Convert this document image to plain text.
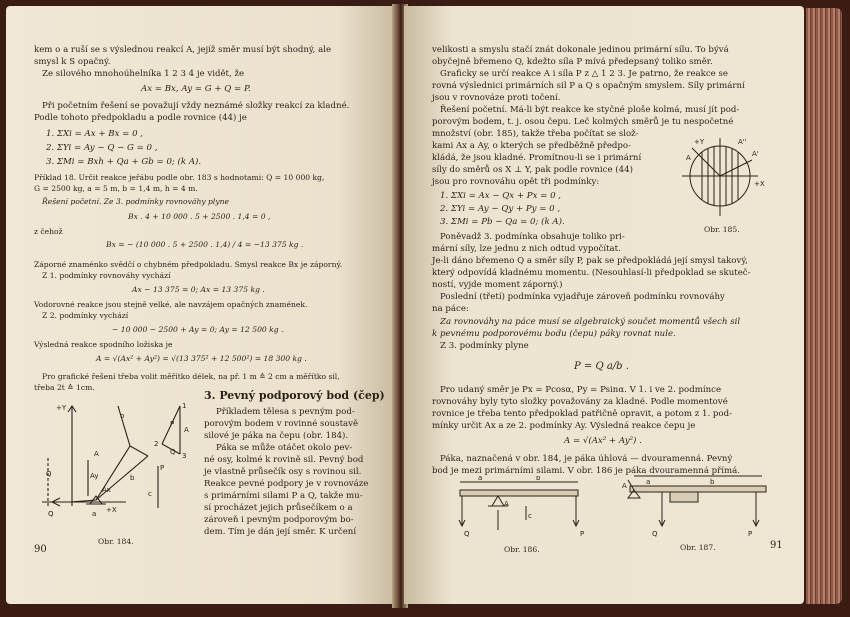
kem o a ruší se s výslednou reakcí A, jejíž směr musí být shodný, ale

smysl k S opačný.

Ze silového mnohoúhelníka 1 2 3 4 je vidět, že

Ax = Bx, Ay = G + Q = P.

Při početním řešení se považují vždy neznámé složky reakcí za kladné.

Podle tohoto předpokladu a podle rovnice (44) je

1. ΣXi = Ax + Bx = 0 ,

2. ΣYi = Ay − Q − G = 0 ,

3. ΣMi = Bxh + Qa + Gb = 0; (k A).

Příklad 18. Určit reakce jeřábu podle obr. 183 s hodnotami: Q = 10 000 kg,

G = 2500 kg, a = 5 m, b = 1,4 m, h = 4 m.

Řešení početní. Ze 3. podmínky rovnováhy plyne

Bx . 4 + 10 000 . 5 + 2500 . 1,4 = 0 ,

z čehož

Bx = − (10 000 . 5 + 2500 . 1,4) / 4 = −13 375 kg .

Záporné znaménko svědčí o chybném předpokladu. Smysl reakce Bx je záporný.

Z 1. podmínky rovnováhy vychází

Ax − 13 375 = 0; Ax = 13 375 kg .

Vodorovné reakce jsou stejně velké, ale navzájem opačných znamének.

Z 2. podmínky vychází

− 10 000 − 2500 + Ay = 0; Ay = 12 500 kg .

Výsledná reakce spodního ložiska je

A = √(Ax² + Ay²) = √(13 375² + 12 500²) = 18 300 kg .

Pro grafické řešení třeba volit měřítko délek, na př. 1 m ≙ 2 cm a měřítko sil,

třeba 2t ≙ 1cm.

3. Pevný podporový bod (čep)

Příkladem tělesa s pevným pod-

porovým bodem v rovinné soustavě

silové je páka na čepu (obr. 184).

Páka se může otáčet okolo pev-

né osy, kolmé k rovině sil. Pevný bod

je vlastně průsečík osy s rovinou sil.

Reakce pevné podpory je v rovnováze

s primárními silami P a Q, takže mu-

sí procházet jejich průsečíkem o a

zároveň i pevným podporovým bo-

dem. Tím je dán její směr. K určení

+Y
+X
Q
Q
P
A
Ay
Ax
a
b
c
o
1
2
3
A
P
Q

Obr. 184.

90

velikosti a smyslu stačí znát dokonale jedinou primární sílu. To bývá

obyčejně břemeno Q, kdežto síla P mívá předepsaný toliko směr.

Graficky se určí reakce A i síla P z △ 1 2 3. Je patrno, že reakce se

rovná výslednici primárních sil P a Q s opačným smyslem. Síly primární

jsou v rovnováze proti točení.

Řešení početní. Má-li být reakce ke styčné ploše kolmá, musí jít pod-

porovým bodem, t. j. osou čepu. Leč kolmých směrů je tu nespočetné

množství (obr. 185), takže třeba počítat se slož-

kami Ax a Ay, o kterých se předběžně předpo-

kládá, že jsou kladné. Promítnou-li se i primární

síly do směrů os X ⊥ Y, pak podle rovnice (44)

jsou pro rovnováhu opět tři podmínky:

1. ΣXi = Ax − Qx + Px = 0 ,

2. ΣYi = Ay − Qy + Py = 0 ,

3. ΣMi = Pb − Qa = 0; (k A).

Poněvadž 3. podmínka obsahuje toliko pri-

mární síly, lze jednu z nich odtud vypočítat.

Je-li dáno břemeno Q a směr síly P, pak se předpokládá její smysl takový,

který odpovídá kladnému momentu. (Nesouhlasí-li předpoklad se skuteč-

ností, vyjde moment záporný.)

Poslední (třetí) podmínka vyjadřuje zároveň podmínku rovnováhy

na páce:

Za rovnováhy na páce musí se algebraický součet momentů všech sil

k pevnému podporovému bodu (čepu) páky rovnat nule.

Z 3. podmínky plyne

P = Q a/b .

Pro udaný směr je Px = Pcosα, Py = Psinα. V 1. i ve 2. podmínce

rovnováhy byly tyto složky považovány za kladné. Podle momentové

rovnice je třeba tento předpoklad patřičně opravit, a potom z 1. pod-

mínky určit Ax a ze 2. podmínky Ay. Výsledná reakce čepu je

A = √(Ax² + Ay²) .

Páka, naznačená v obr. 184, je páka úhlová — dvouramenná. Pevný

bod je mezi primárními silami. V obr. 186 je páka dvouramenná přímá.

+Y
+X
A	A'
A''

Obr. 185.

a	b
A
Q
c
P

Obr. 186.

a	b
A
Q	P

Obr. 187.	91
